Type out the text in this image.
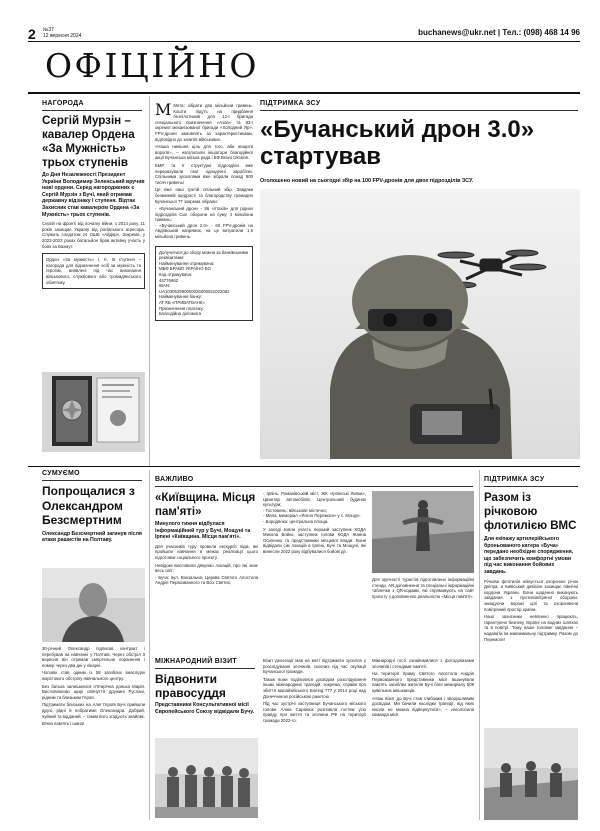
2 №37
12 вересня 2024	buchanews@ukr.net | Тел.: (098) 468 14 96
ОФІЦІЙНО
НАГОРОДА
Сергій Мурзін – кавалер Ордена «За Мужність» трьох ступенів

До Дня Незалежності Президент України Володимир Зеленський вручив нові ордени. Серед нагороджених є Сергій Мурзін з Бучі, який отримав державну відзнаку І ступеня. Відтак Захисник став кавалером Ордена «За Мужність» трьох ступенів.

Сергій на фронті від початку війни, з 2014 року. 11 років захищає Україну від російського агресора. Служить солдатом 24 ОШБ «Айдар». Зокрема, у 2022-2023 роках батальйон брав активну участь у боях за Бахмут.

Орден «За мужність» I, II, III ступеня – нагорода для відзначення осіб за мужність та героїзм, виявлені під час виконання військового, службового або громадянського обов'язку.

М Мета: зібрати два мільйони гривень. Кошти підуть на придбання безпілотників для 12-ї бригади спеціального призначення «Азов» та 93-ї окремої механізованої бригади «Холодний Яр». FPV-дрони замовлять за характеристиками, відповідно до запитів військових.

«Наша нинішня ціль для того, аби нищити ворогів», – наголосили ініціатори благодійної акції Бучанська міська рада і БФ Bravo Ukraine.

БМР та її структурні підрозділи вже перерахували свої одноденні заробітки. Спільними зусиллями вже зібрали понад 800 тисяч гривень!

Це вже наш третій спільний збір. Завдяки безмежній щедрості та благородству громадян Бучанської ТГ зокрема зібрали:

- «Бучанський дрон» - 86 «птахів» для рідних підрозділів Сил оборони на суму 4 мільйони гривень;

- «Бучанський дрон 2.0» - 60 FPV-дронів на Авдіївський напрямок, на це витратили 1,5 мільйона гривень.

Долучитися до збору можна за банківськими реквізитами:

Найменування отримувача:

МБФ БРАВО УКРАЇНО БО

Код отримувача:

44776862

IBAN:

UA103052990000026000021022082

Найменування банку:

АТ КБ «ПРИВАТБАНК»

Призначення платежу:

Благодійна допомога

ПІДТРИМКА ЗСУ
«Бучанський дрон 3.0» стартував

Оголошено новий на сьогодні збір на 100 FPV-дронів для двох підрозділів ЗСУ.

СУМУЄМО
Попрощалися з Олександром Безсмертним

Олександр Безсмертний загинув після атаки рашистів на Полтаву.

30-річний Олександр підписав контракт і перебував на навчанні у Полтаві. Через обстріл 3 вересня він отримав смертельне поранення і помер через два дні у лікарні.

Чоловік став одним із 58 загиблих внаслідок жорстокого обстрілу навчального центру.

Без батька залишилися п'ятирічна донька Марія. Висловлюємо щирі співчуття дружині Руслані, рідним та близьким Героя.

Підтримати близьких на Алеї Героїв Бучі прийшли друзі, рідні й побратими Олександра. Добрий, чуйний та відданий, – таким його згадують знайомі.

Вічна пам'ять і шана!

ВАЖЛИВО
«Київщина. Місця пам'яті»

Минулого тижня відбулася інформаційний тур у Бучі, Мощуні та Ірпені «Київщина. Місця пам'яті».

Для учасників туру провели екскурсії підм, які пройшли навчання в межах реалізації цього підготовки соціального проєкту.

Невідомі висловили дякуємо локацій, про які знає весь світ:

- Буча: вул. Вокзальна, Церква Святого Апостола Андрія Первозванного та Всіх Святих;

- Ірпінь: Романівський міст, ЖК «Ірпінські Липки», Цвинтар автомобілів, Центральний будинок культури;

- Гостомель: військове містечко;

- Мила, меморіал «Янгол Перемоги» у с. Мощун.

- Бородянка: центральна площа.

У заході взяли участь перший заступник КОДА Микола Бойко, заступник голови КОДА Жанна Осипенко та представники місцевої влади. Вони відвідали сім локацій в Ірпені, Бучі та Мощуні, які винесли 2022 року відбувалися бойові дії.

Для зручності туристів підготовлено інформаційні стенди, АR доповнення та спеціальні інформаційні таблички з QR-кодами, які спрямовують на сайт проєкту з доповненою реальністю «Місця пам'яті».

МІЖНАРОДНИЙ ВІЗИТ
Відвонити правосуддя

Представники Консультативної місії Європейського Союзу відвідали Бучу.

Візит делегації мав на меті підтримати зусилля у розслідуванні злочинів, скоєних під час окупації Бучанської громади.

Також вони поділилися досвідом розслідування інших міжнародних трагедій, зокрема, справи про збиття малайзійського Boeing 777 у 2014 році над Донеччиною російською ракетою.

Під час зустрічі заступниця Бучанського міського голови Аліна Саранюк розповіла гостям усю правду про життя та злочини РФ на території громади 2022-го.

Міжнародні гості ознайомилися з фотодоказами злочинів і стендами пам'яті.

На території Храму Святого Апостола Андрія Первозванного представники місії вшанували пам'ять загиблих жителів Бучі біля меморіалу 509 цивільних мешканців.

«Наш візит до Бучі став глибоким і зворушливим досвідом. Ми бачили наслідки трагедії, від яких ніколи не можна відвернутися», – наголосила команда місії.

ПІДТРИМКА ЗСУ
Разом із річковою флотилією ВМС

Для екіпажу артилерійського броньованого катера «Буча» передано необхідне спорядження, що забезпечить комфортні умови під час виконання бойових завдань.

Річкова флотилія опікується охороною річок Дніпра, а Київський дивізіон захищає північні кордони України. Вони щоденно виконують завдання з протиповітряної оборони, знищуючи ворожі цілі та охороняючи повітряний простір країни.

Наші захисники невпинно працюють, гарантуючи безпеку Україні на водних шляхах та в повітрі. Тому наше головне завдання – надавати їм максимальну підтримку. Разом до Перемоги!
